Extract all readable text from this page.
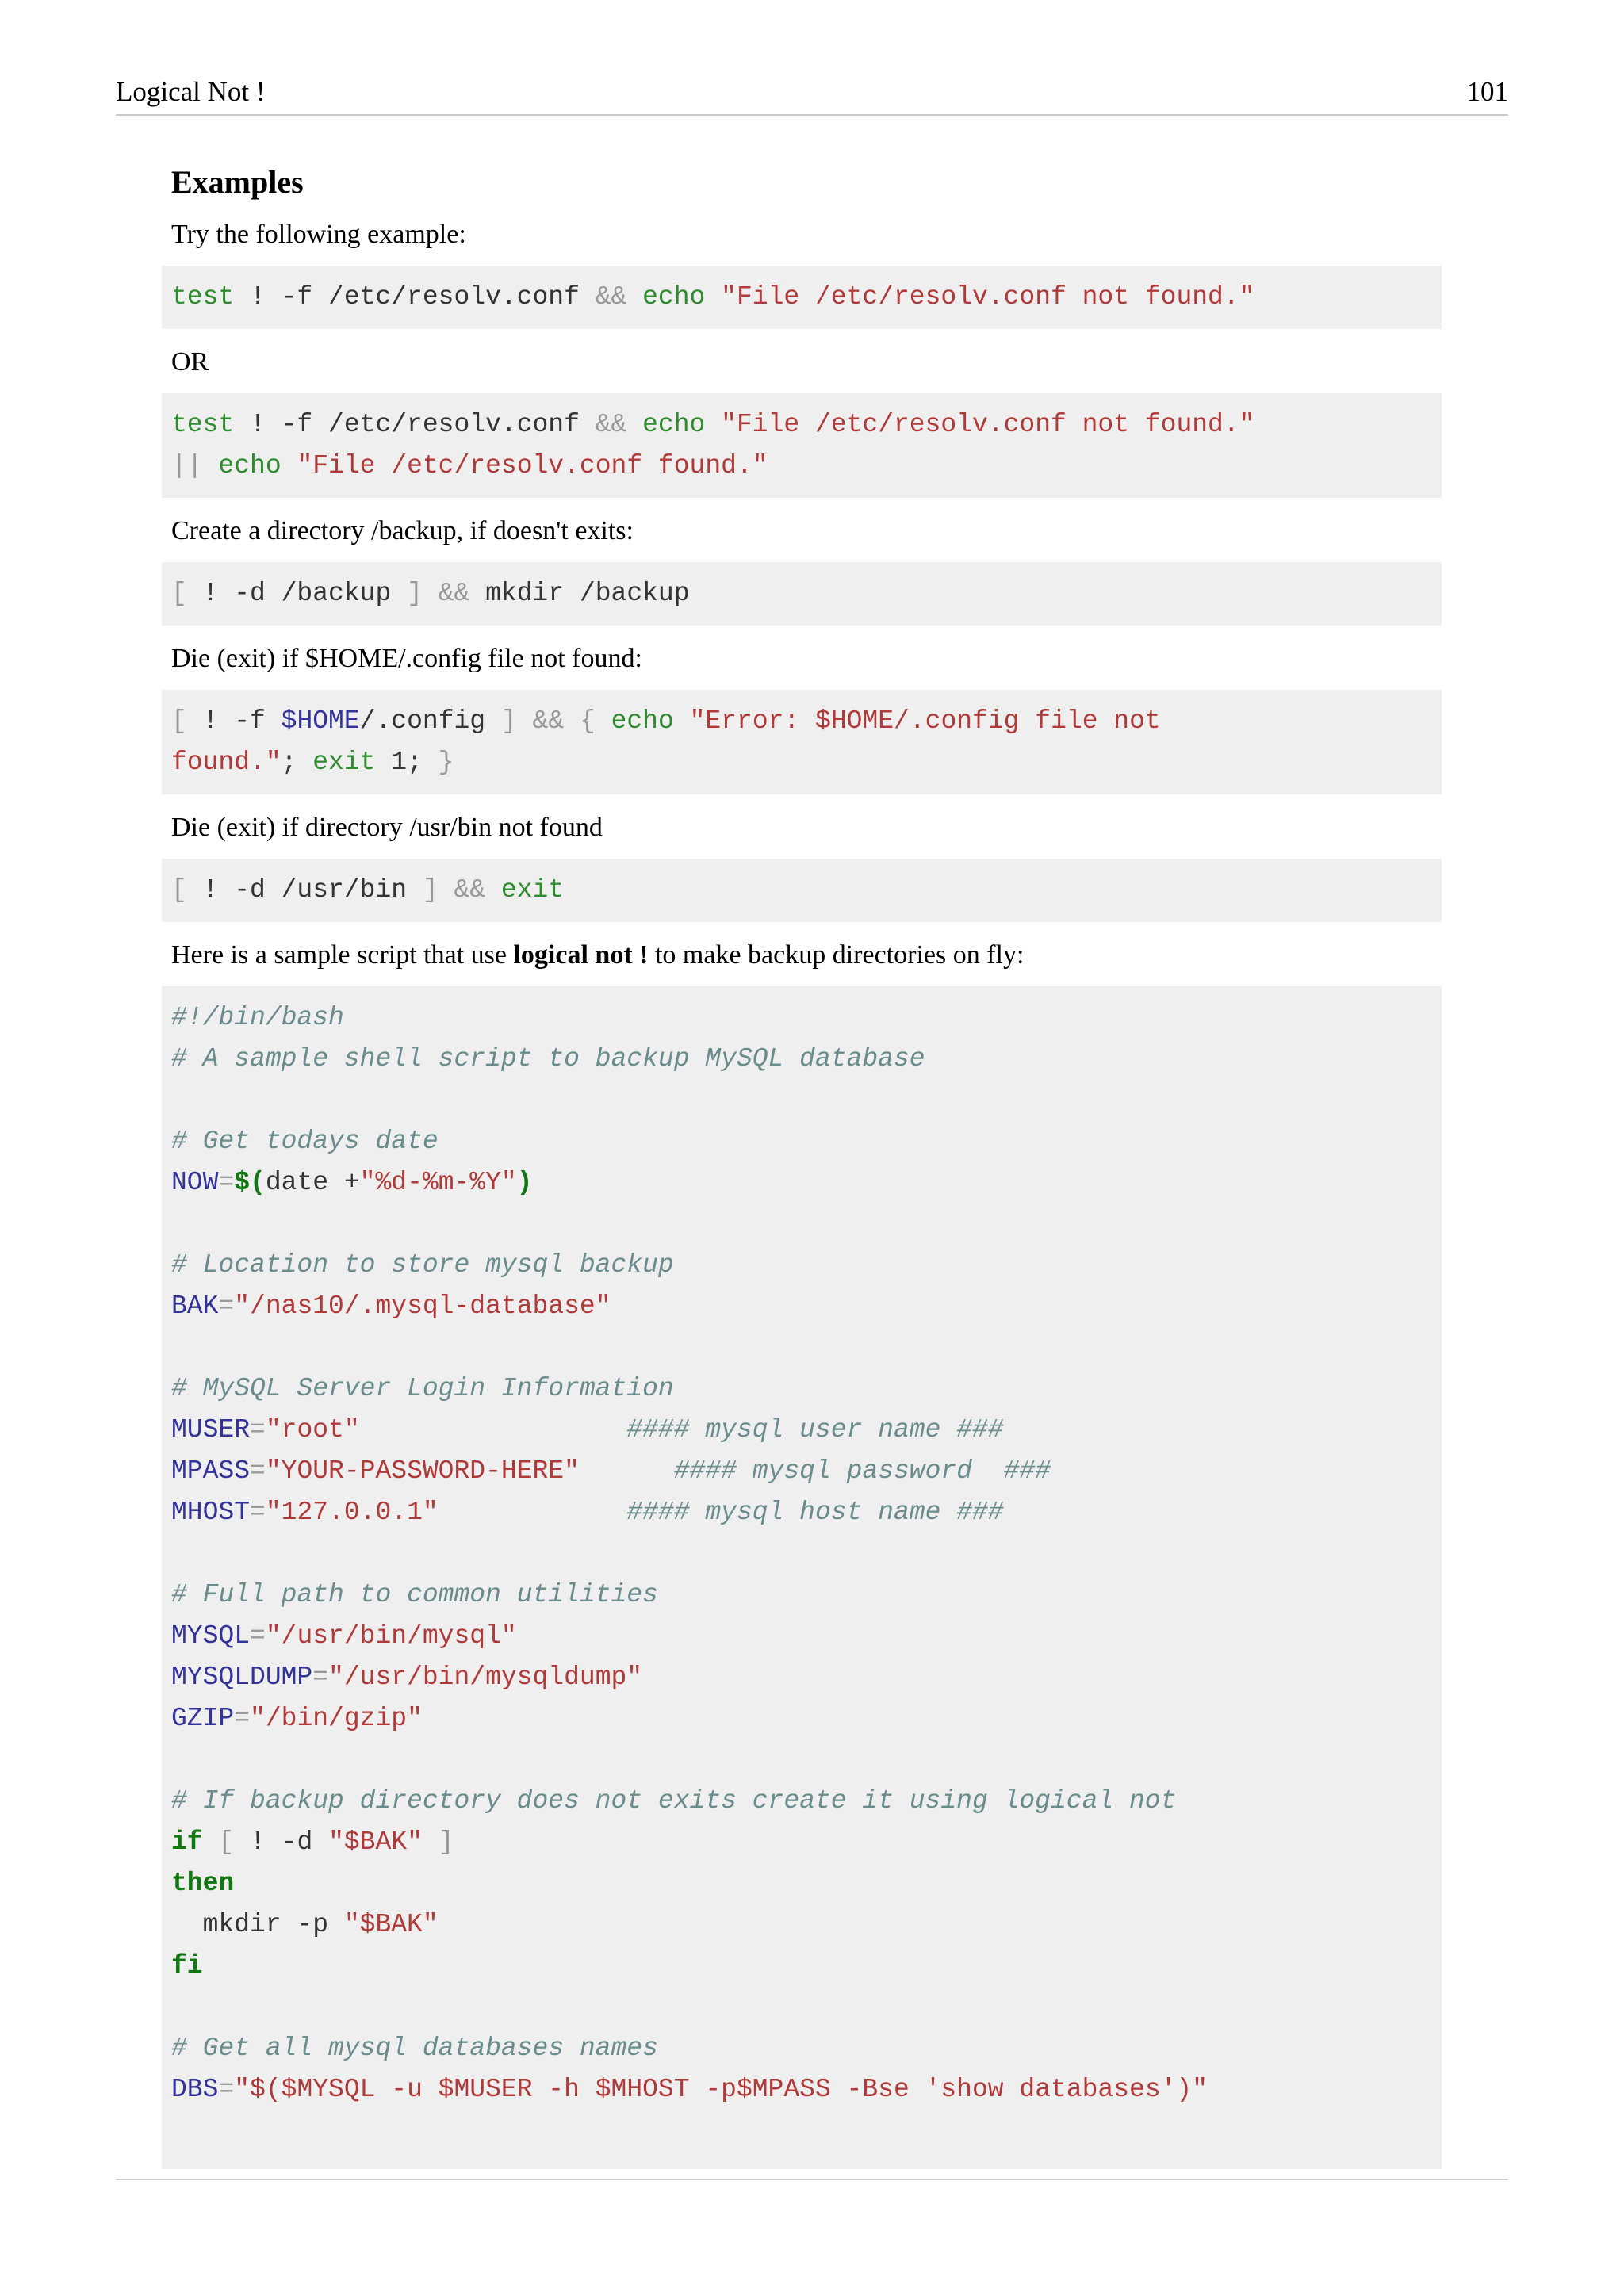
Logical Not !	101
Examples

Try the following example:

test ! -f /etc/resolv.conf && echo "File /etc/resolv.conf not found."

OR

test ! -f /etc/resolv.conf && echo "File /etc/resolv.conf not found."
|| echo "File /etc/resolv.conf found."

Create a directory /backup, if doesn't exits:

[ ! -d /backup ] && mkdir /backup

Die (exit) if $HOME/.config file not found:

[ ! -f $HOME/.config ] && { echo "Error: $HOME/.config file not
found."; exit 1; }

Die (exit) if directory /usr/bin not found

[ ! -d /usr/bin ] && exit

Here is a sample script that use logical not ! to make backup directories on fly:

#!/bin/bash
# A sample shell script to backup MySQL database

# Get todays date
NOW=$(date +"%d-%m-%Y")

# Location to store mysql backup
BAK="/nas10/.mysql-database"

# MySQL Server Login Information
MUSER="root"	#### mysql user name ###
MPASS="YOUR-PASSWORD-HERE"	#### mysql password  ###
MHOST="127.0.0.1"	#### mysql host name ###

# Full path to common utilities
MYSQL="/usr/bin/mysql"
MYSQLDUMP="/usr/bin/mysqldump"
GZIP="/bin/gzip"

# If backup directory does not exits create it using logical not
if [ ! -d "$BAK" ]
then
mkdir -p "$BAK"
fi

# Get all mysql databases names
DBS="$($MYSQL -u $MUSER -h $MHOST -p$MPASS -Bse 'show databases')"
